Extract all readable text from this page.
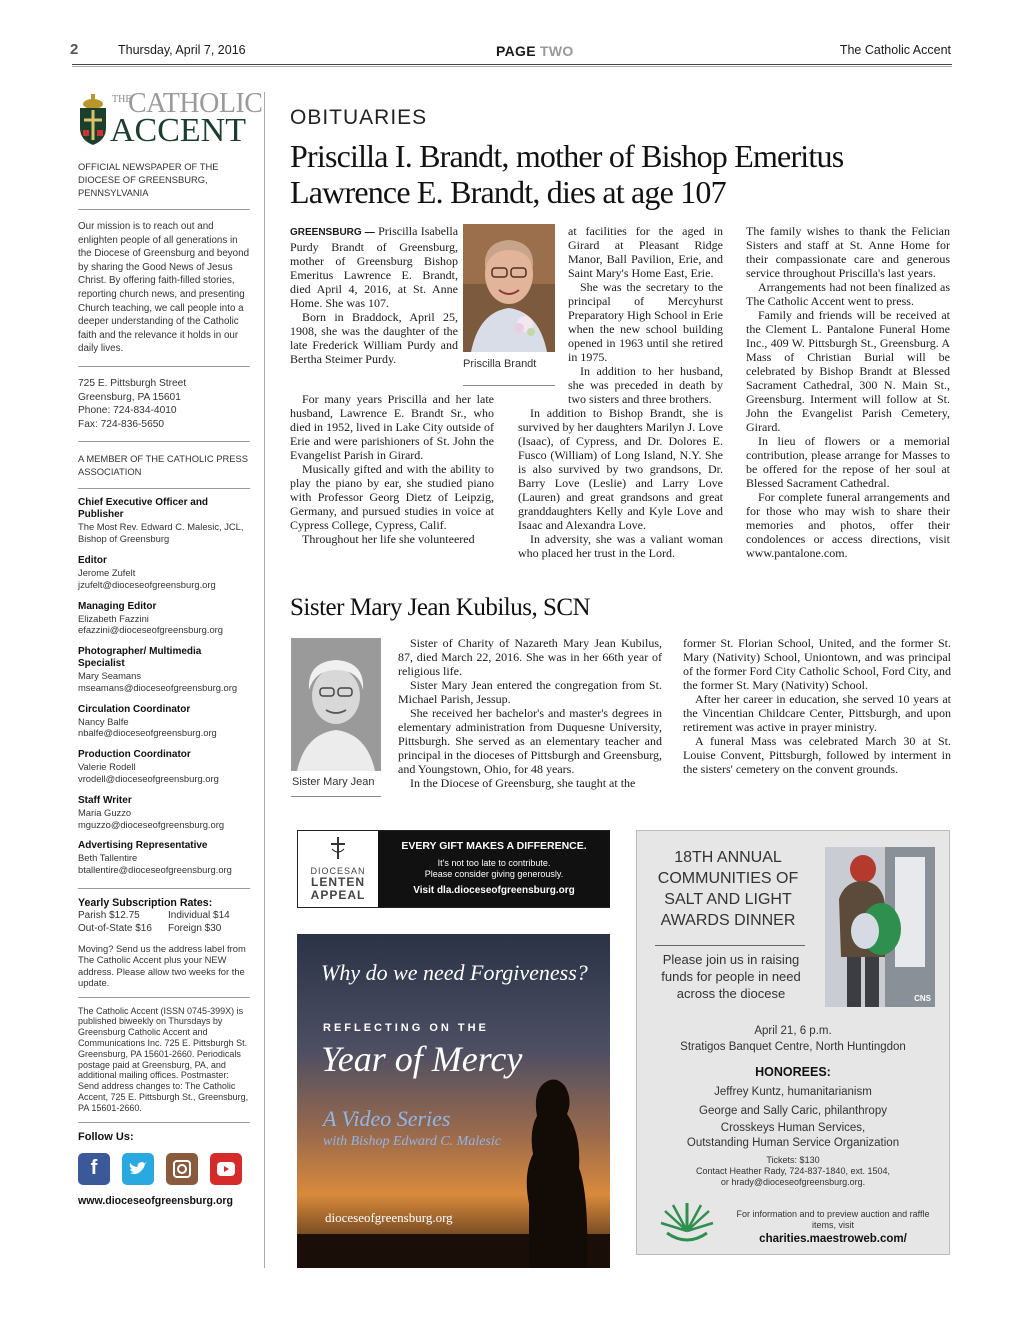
2	Thursday, April 7, 2016	PAGE TWO	The Catholic Accent
THE
CATHOLIC
ACCENT
OFFICIAL NEWSPAPER OF THE DIOCESE OF GREENSBURG, PENNSYLVANIA

Our mission is to reach out and enlighten people of all generations in the Diocese of Greensburg and beyond by sharing the Good News of Jesus Christ. By offering faith-filled stories, reporting church news, and presenting Church teaching, we call people into a deeper understanding of the Catholic faith and the relevance it holds in our daily lives.

725 E. Pittsburgh Street
Greensburg, PA 15601
Phone: 724-834-4010
Fax: 724-836-5650
A MEMBER OF THE CATHOLIC PRESS ASSOCIATION
Chief Executive Officer and Publisher
The Most Rev. Edward C. Malesic, JCL,
Bishop of Greensburg
Editor
Jerome Zufelt
jzufelt@dioceseofgreensburg.org
Managing Editor
Elizabeth Fazzini
efazzini@dioceseofgreensburg.org
Photographer/ Multimedia Specialist
Mary Seamans
mseamans@dioceseofgreensburg.org
Circulation Coordinator
Nancy Balfe
nbalfe@dioceseofgreensburg.org
Production Coordinator
Valerie Rodell
vrodell@dioceseofgreensburg.org
Staff Writer
Maria Guzzo
mguzzo@dioceseofgreensburg.org
Advertising Representative
Beth Tallentire
btallentire@dioceseofgreensburg.org
Yearly Subscription Rates:
Parish $12.75	Individual $14
Out-of-State $16	Foreign $30

Moving? Send us the address label from The Catholic Accent plus your NEW address. Please allow two weeks for the update.

The Catholic Accent (ISSN 0745-399X) is published biweekly on Thursdays by Greensburg Catholic Accent and Communications Inc. 725 E. Pittsburgh St. Greensburg, PA 15601-2660. Periodicals postage paid at Greensburg, PA, and additional mailing offices. Postmaster: Send address changes to: The Catholic Accent, 725 E. Pittsburgh St., Greensburg, PA 15601-2660.

Follow Us:
f
www.dioceseofgreensburg.org
OBITUARIES
Priscilla I. Brandt, mother of Bishop Emeritus Lawrence E. Brandt, dies at age 107

GREENSBURG — Priscilla Isabella Purdy Brandt of Greensburg, mother of Greensburg Bishop Emeritus Lawrence E. Brandt, died April 4, 2016, at St. Anne Home. She was 107.

Born in Braddock, April 25, 1908, she was the daughter of the late Frederick William Purdy and Bertha Steimer Purdy.

For many years Priscilla and her late husband, Lawrence E. Brandt Sr., who died in 1952, lived in Lake City outside of Erie and were parishioners of St. John the Evangelist Parish in Girard.

Musically gifted and with the ability to play the piano by ear, she studied piano with Professor Georg Dietz of Leipzig, Germany, and pursued studies in voice at Cypress College, Cypress, Calif.

Throughout her life she volunteered

Priscilla Brandt

at facilities for the aged in Girard at Pleasant Ridge Manor, Ball Pavilion, Erie, and Saint Mary's Home East, Erie.

She was the secretary to the principal of Mercyhurst Preparatory High School in Erie when the new school building opened in 1963 until she retired in 1975.

In addition to her husband, she was preceded in death by two sisters and three brothers.

In addition to Bishop Brandt, she is survived by her daughters Marilyn J. Love (Isaac), of Cypress, and Dr. Dolores E. Fusco (William) of Long Island, N.Y. She is also survived by two grandsons, Dr. Barry Love (Leslie) and Larry Love (Lauren) and great grandsons and great granddaughters Kelly and Kyle Love and Isaac and Alexandra Love.

In adversity, she was a valiant woman who placed her trust in the Lord.

The family wishes to thank the Felician Sisters and staff at St. Anne Home for their compassionate care and generous service throughout Priscilla's last years.

Arrangements had not been finalized as The Catholic Accent went to press.

Family and friends will be received at the Clement L. Pantalone Funeral Home Inc., 409 W. Pittsburgh St., Greensburg. A Mass of Christian Burial will be celebrated by Bishop Brandt at Blessed Sacrament Cathedral, 300 N. Main St., Greensburg. Interment will follow at St. John the Evangelist Parish Cemetery, Girard.

In lieu of flowers or a memorial contribution, please arrange for Masses to be offered for the repose of her soul at Blessed Sacrament Cathedral.

For complete funeral arrangements and for those who may wish to share their memories and photos, offer their condolences or access directions, visit www.pantalone.com.

Sister Mary Jean Kubilus, SCN
Sister Mary Jean

Sister of Charity of Nazareth Mary Jean Kubilus, 87, died March 22, 2016. She was in her 66th year of religious life.

Sister Mary Jean entered the congregation from St. Michael Parish, Jessup.

She received her bachelor's and master's degrees in elementary administration from Duquesne University, Pittsburgh. She served as an elementary teacher and principal in the dioceses of Pittsburgh and Greensburg, and Youngstown, Ohio, for 48 years.

In the Diocese of Greensburg, she taught at the

former St. Florian School, United, and the former St. Mary (Nativity) School, Uniontown, and was principal of the former Ford City Catholic School, Ford City, and the former St. Mary (Nativity) School.

After her career in education, she served 10 years at the Vincentian Childcare Center, Pittsburgh, and upon retirement was active in prayer ministry.

A funeral Mass was celebrated March 30 at St. Louise Convent, Pittsburgh, followed by interment in the sisters' cemetery on the convent grounds.

DIOCESAN
LENTEN
APPEAL
EVERY GIFT MAKES A DIFFERENCE.
It's not too late to contribute.
Please consider giving generously.
Visit dla.dioceseofgreensburg.org
Why do we need Forgiveness?
REFLECTING ON THE
Year of Mercy
A Video Series
with Bishop Edward C. Malesic
dioceseofgreensburg.org
18TH ANNUAL
COMMUNITIES OF
SALT AND LIGHT
AWARDS DINNER
Please join us in raising funds for people in need across the diocese	CNS
April 21, 6 p.m.
Stratigos Banquet Centre, North Huntingdon
HONOREES:
Jeffrey Kuntz, humanitarianism
George and Sally Caric, philanthropy
Crosskeys Human Services,
Outstanding Human Service Organization
Tickets: $130
Contact Heather Rady, 724-837-1840, ext. 1504,
or hrady@dioceseofgreensburg.org.
For information and to preview auction and raffle items, visit
charities.maestroweb.com/
